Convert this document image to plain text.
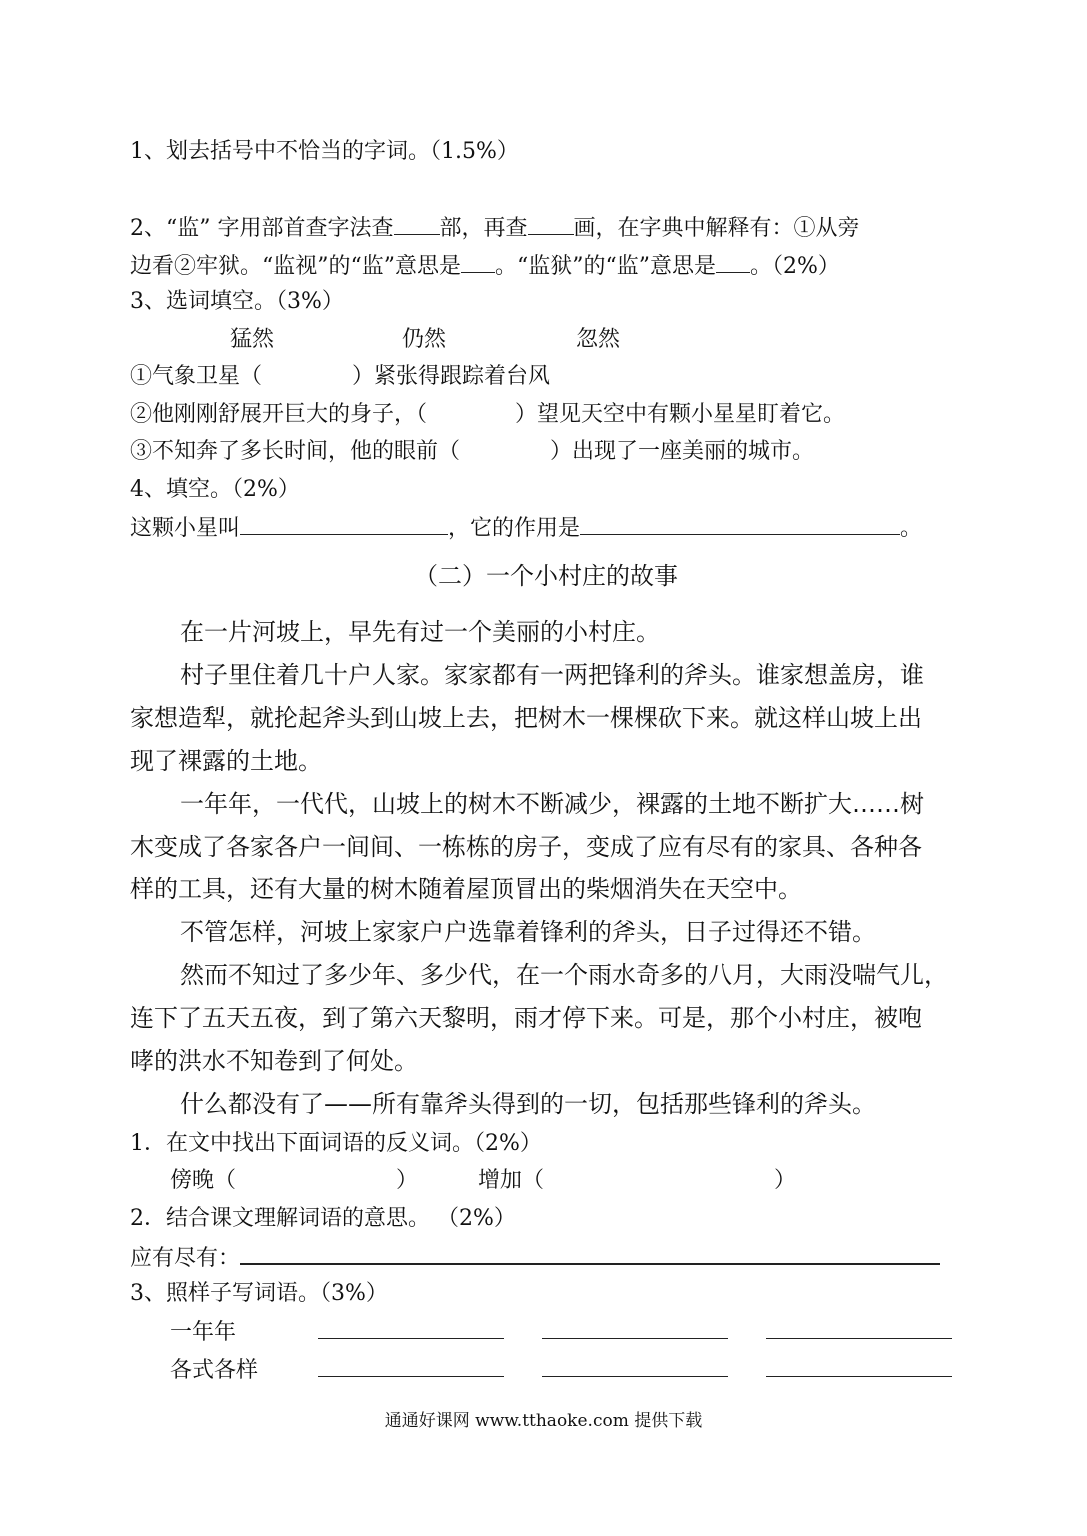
1、划去括号中不恰当的字词。（1.5%）
2、“监” 字用部首查字法查 部，再查 画，在字典中解释有：①从旁
边看②牢狱。“监视”的“监”意思是 。“监狱”的“监”意思是 。（2%）
3、选词填空。（3%）
猛然	仍然	忽然
①气象卫星（	）紧张得跟踪着台风
②他刚刚舒展开巨大的身子，（	）望见天空中有颗小星星盯着它。
③不知奔了多长时间，他的眼前（	）出现了一座美丽的城市。
4、填空。（2%）
这颗小星叫	，它的作用是	。
（二）一个小村庄的故事
在一片河坡上，早先有过一个美丽的小村庄。
村子里住着几十户人家。家家都有一两把锋利的斧头。谁家想盖房，谁
家想造犁，就抡起斧头到山坡上去，把树木一棵棵砍下来。就这样山坡上出
现了裸露的土地。
一年年，一代代，山坡上的树木不断减少，裸露的土地不断扩大……树
木变成了各家各户一间间、一栋栋的房子，变成了应有尽有的家具、各种各
样的工具，还有大量的树木随着屋顶冒出的柴烟消失在天空中。
不管怎样，河坡上家家户户选靠着锋利的斧头，日子过得还不错。
然而不知过了多少年、多少代，在一个雨水奇多的八月，大雨没喘气儿，
连下了五天五夜，到了第六天黎明，雨才停下来。可是，那个小村庄，被咆
哮的洪水不知卷到了何处。
什么都没有了——所有靠斧头得到的一切，包括那些锋利的斧头。
1．在文中找出下面词语的反义词。（2%）
傍晚（	）	增加（	）
2．结合课文理解词语的意思。 （2%）
应有尽有：
3、照样子写词语。（3%）
一年年
各式各样
通通好课网 www.tthaoke.com 提供下载
